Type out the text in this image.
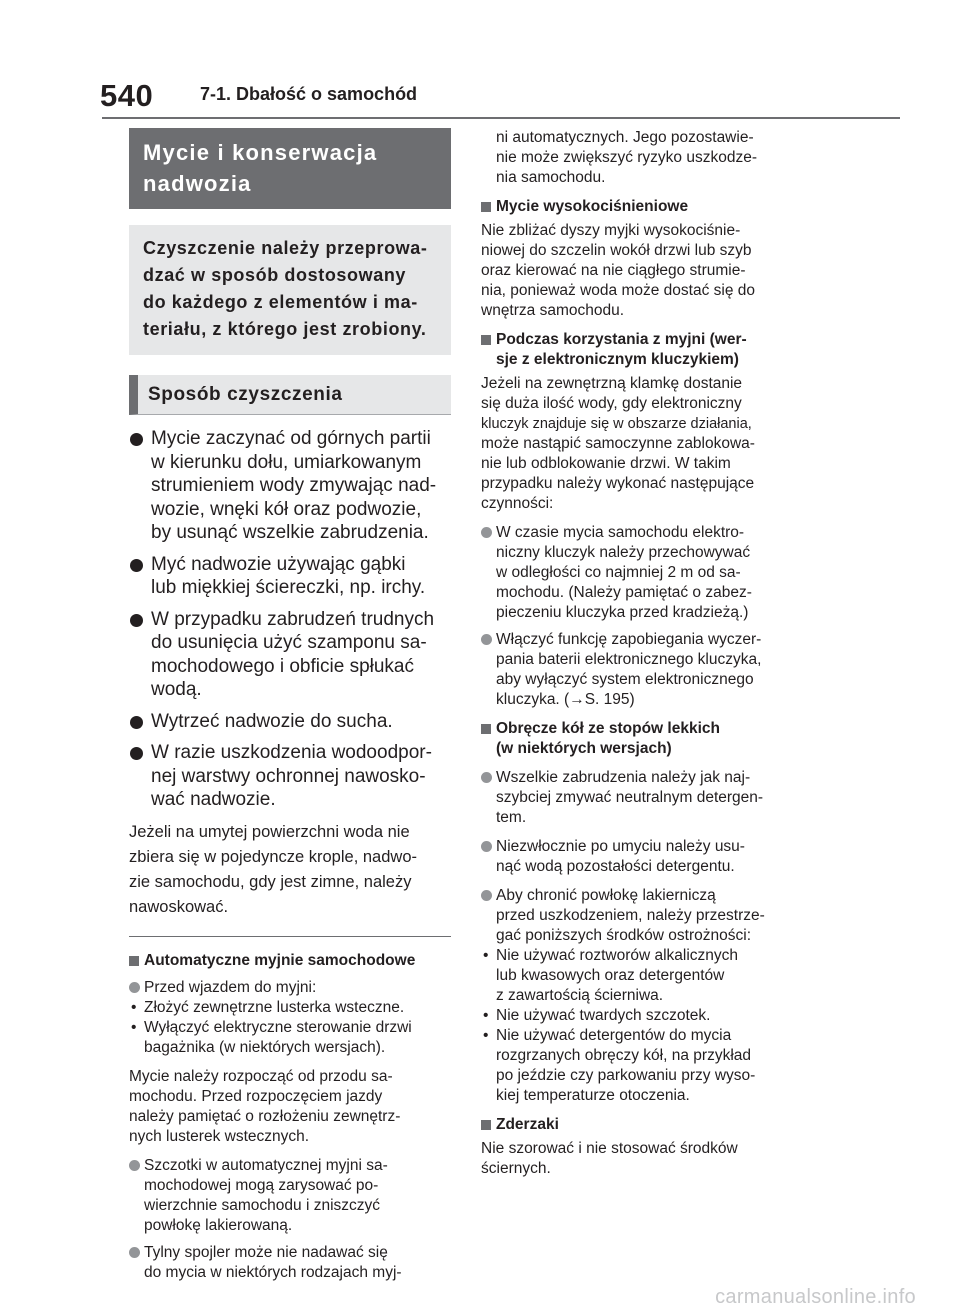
540	7-1. Dbałość o samochód
Mycie i konserwacja
nadwozia
Czyszczenie należy przeprowa-
dzać w sposób dostosowany
do każdego z elementów i ma-
teriału, z którego jest zrobiony.
Sposób czyszczenia
Mycie zaczynać od górnych partii
w kierunku dołu, umiarkowanym
strumieniem wody zmywając nad-
wozie, wnęki kół oraz podwozie,
by usunąć wszelkie zabrudzenia.
Myć nadwozie używając gąbki
lub miękkiej ściereczki, np. irchy.
W przypadku zabrudzeń trudnych
do usunięcia użyć szamponu sa-
mochodowego i obficie spłukać
wodą.
Wytrzeć nadwozie do sucha.
W razie uszkodzenia wodoodpor-
nej warstwy ochronnej nawosko-
wać nadwozie.
Jeżeli na umytej powierzchni woda nie
zbiera się w pojedyncze krople, nadwo-
zie samochodu, gdy jest zimne, należy
nawoskować.
Automatyczne myjnie samochodowe
Przed wjazdem do myjni:
• Złożyć zewnętrzne lusterka wsteczne.
• Wyłączyć elektryczne sterowanie drzwi
bagażnika (w niektórych wersjach).
Mycie należy rozpocząć od przodu sa-
mochodu. Przed rozpoczęciem jazdy
należy pamiętać o rozłożeniu zewnętrz-
nych lusterek wstecznych.
Szczotki w automatycznej myjni sa-
mochodowej mogą zarysować po-
wierzchnie samochodu i zniszczyć
powłokę lakierowaną.
Tylny spojler może nie nadawać się
do mycia w niektórych rodzajach myj-
ni automatycznych. Jego pozostawie-
nie może zwiększyć ryzyko uszkodze-
nia samochodu.
Mycie wysokociśnieniowe
Nie zbliżać dyszy myjki wysokociśnie-
niowej do szczelin wokół drzwi lub szyb
oraz kierować na nie ciągłego strumie-
nia, ponieważ woda może dostać się do
wnętrza samochodu.
Podczas korzystania z myjni (wer-
sje z elektronicznym kluczykiem)
Jeżeli na zewnętrzną klamkę dostanie
się duża ilość wody, gdy elektroniczny
kluczyk znajduje się w obszarze działania,
może nastąpić samoczynne zablokowa-
nie lub odblokowanie drzwi. W takim
przypadku należy wykonać następujące
czynności:
W czasie mycia samochodu elektro-
niczny kluczyk należy przechowywać
w odległości co najmniej 2 m od sa-
mochodu. (Należy pamiętać o zabez-
pieczeniu kluczyka przed kradzieżą.)
Włączyć funkcję zapobiegania wyczer-
pania baterii elektronicznego kluczyka,
aby wyłączyć system elektronicznego
kluczyka. (→S. 195)
Obręcze kół ze stopów lekkich
(w niektórych wersjach)
Wszelkie zabrudzenia należy jak naj-
szybciej zmywać neutralnym detergen-
tem.
Niezwłocznie po umyciu należy usu-
nąć wodą pozostałości detergentu.
Aby chronić powłokę lakierniczą
przed uszkodzeniem, należy przestrze-
gać poniższych środków ostrożności:
• Nie używać roztworów alkalicznych
lub kwasowych oraz detergentów
z zawartością ścierniwa.
• Nie używać twardych szczotek.
• Nie używać detergentów do mycia
rozgrzanych obręczy kół, na przykład
po jeździe czy parkowaniu przy wyso-
kiej temperaturze otoczenia.
Zderzaki
Nie szorować i nie stosować środków
ściernych.
carmanualsonline.info
